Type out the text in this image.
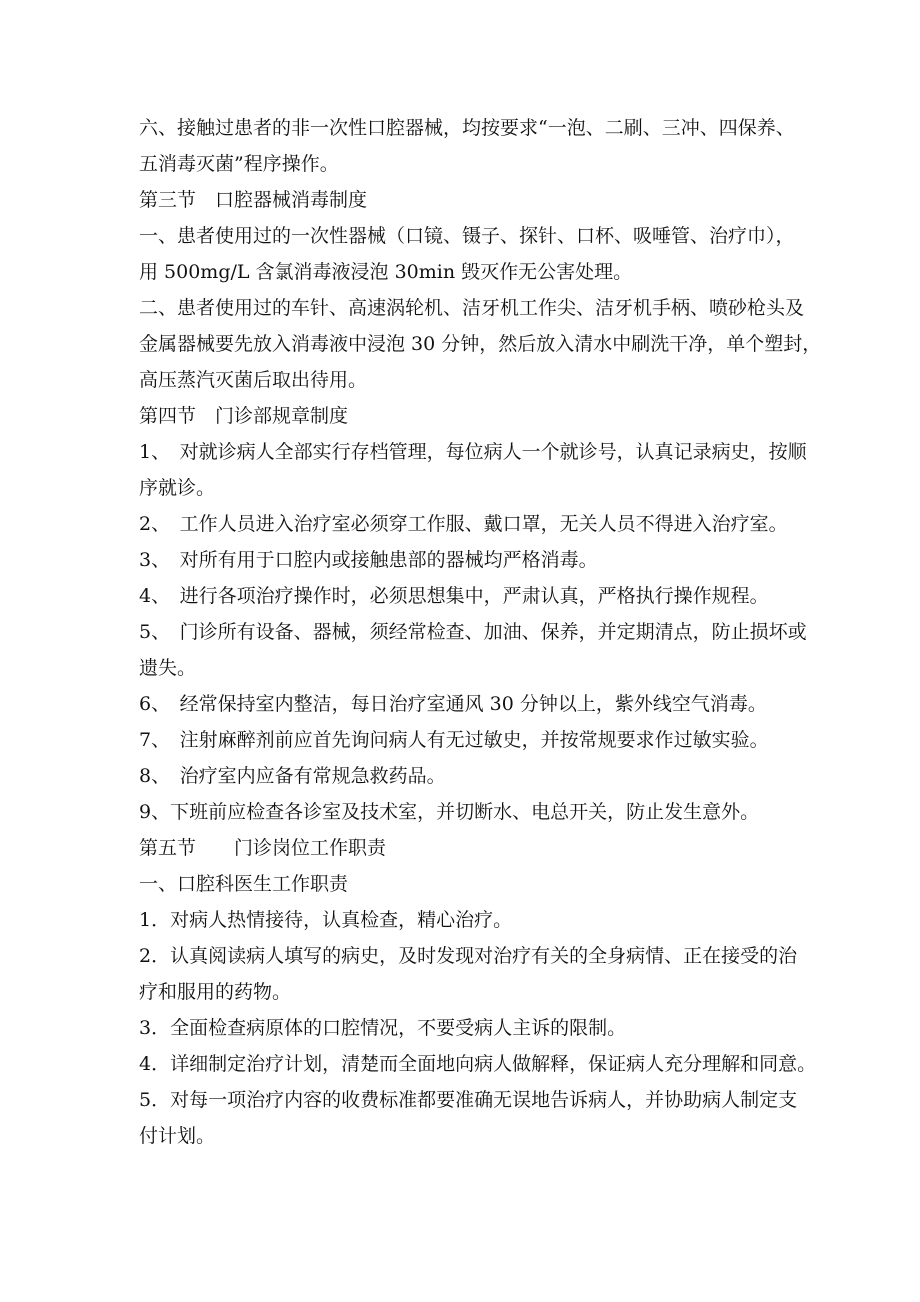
六、接触过患者的非一次性口腔器械，均按要求“一泡、二刷、三冲、四保养、
五消毒灭菌”程序操作。
第三节　口腔器械消毒制度
一、患者使用过的一次性器械（口镜、镊子、探针、口杯、吸唾管、治疗巾），
用 500mg/L 含氯消毒液浸泡 30min 毁灭作无公害处理。
二、患者使用过的车针、高速涡轮机、洁牙机工作尖、洁牙机手柄、喷砂枪头及
金属器械要先放入消毒液中浸泡 30 分钟，然后放入清水中刷洗干净，单个塑封，
高压蒸汽灭菌后取出待用。
第四节　门诊部规章制度
1、　对就诊病人全部实行存档管理，每位病人一个就诊号，认真记录病史，按顺
序就诊。
2、　工作人员进入治疗室必须穿工作服、戴口罩，无关人员不得进入治疗室。
3、　对所有用于口腔内或接触患部的器械均严格消毒。
4、　进行各项治疗操作时，必须思想集中，严肃认真，严格执行操作规程。
5、　门诊所有设备、器械，须经常检查、加油、保养，并定期清点，防止损坏或
遗失。
6、　经常保持室内整洁，每日治疗室通风 30 分钟以上，紫外线空气消毒。
7、　注射麻醉剂前应首先询问病人有无过敏史，并按常规要求作过敏实验。
8、　治疗室内应备有常规急救药品。
9、下班前应检查各诊室及技术室，并切断水、电总开关，防止发生意外。
第五节　　门诊岗位工作职责
一、口腔科医生工作职责
1．对病人热情接待，认真检查，精心治疗。
2．认真阅读病人填写的病史，及时发现对治疗有关的全身病情、正在接受的治
疗和服用的药物。
3．全面检查病原体的口腔情况，不要受病人主诉的限制。
4．详细制定治疗计划，清楚而全面地向病人做解释，保证病人充分理解和同意。
5．对每一项治疗内容的收费标准都要准确无误地告诉病人，并协助病人制定支
付计划。
